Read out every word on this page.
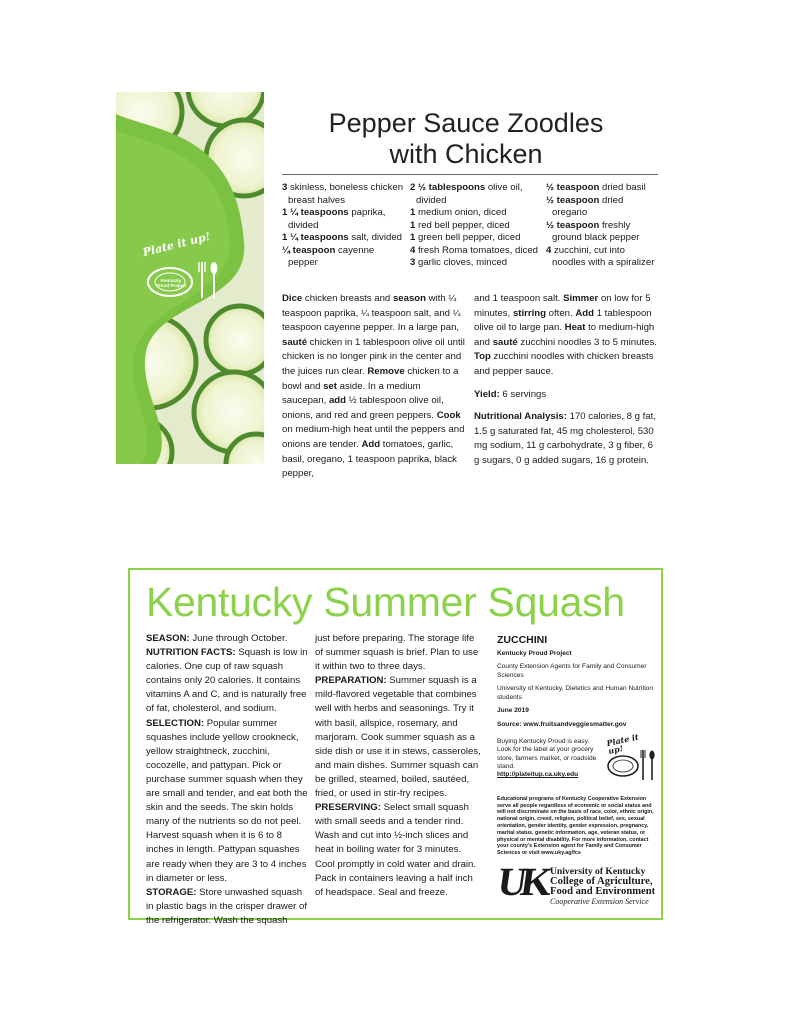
Plate it up!
Kentucky Proud Project
Pepper Sauce Zoodles
with Chicken
3 skinless, boneless chicken breast halves
1 ¼ teaspoons paprika, divided
1 ¼ teaspoons salt, divided
¼ teaspoon cayenne pepper
2 ½ tablespoons olive oil, divided
1 medium onion, diced
1 red bell pepper, diced
1 green bell pepper, diced
4 fresh Roma tomatoes, diced
3 garlic cloves, minced
½ teaspoon dried basil
½ teaspoon dried oregano
½ teaspoon freshly ground black pepper
4 zucchini, cut into noodles with a spiralizer

Dice chicken breasts and season with ¼ teaspoon paprika, ¼ teaspoon salt, and ¼ teaspoon cayenne pepper. In a large pan, sauté chicken in 1 tablespoon olive oil until chicken is no longer pink in the center and the juices run clear. Remove chicken to a bowl and set aside. In a medium saucepan, add ½ tablespoon olive oil, onions, and red and green peppers. Cook on medium-high heat until the peppers and onions are tender. Add tomatoes, garlic, basil, oregano, 1 teaspoon paprika, black pepper,

and 1 teaspoon salt. Simmer on low for 5 minutes, stirring often. Add 1 tablespoon olive oil to large pan. Heat to medium-high and sauté zucchini noodles 3 to 5 minutes. Top zucchini noodles with chicken breasts and pepper sauce.

Yield: 6 servings

Nutritional Analysis: 170 calories, 8 g fat, 1.5 g saturated fat, 45 mg cholesterol, 530 mg sodium, 11 g carbohydrate, 3 g fiber, 6 g sugars, 0 g added sugars, 16 g protein.

Kentucky Summer Squash
SEASON: June through October.
NUTRITION FACTS: Squash is low in calories. One cup of raw squash contains only 20 calories. It contains vitamins A and C, and is naturally free of fat, cholesterol, and sodium.
SELECTION: Popular summer squashes include yellow crookneck, yellow straightneck, zucchini, cocozelle, and pattypan. Pick or purchase summer squash when they are small and tender, and eat both the skin and the seeds. The skin holds many of the nutrients so do not peel. Harvest squash when it is 6 to 8 inches in length. Pattypan squashes are ready when they are 3 to 4 inches in diameter or less.
STORAGE: Store unwashed squash in plastic bags in the crisper drawer of the refrigerator. Wash the squash
just before preparing. The storage life of summer squash is brief. Plan to use it within two to three days.
PREPARATION: Summer squash is a mild-flavored vegetable that combines well with herbs and seasonings. Try it with basil, allspice, rosemary, and marjoram. Cook summer squash as a side dish or use it in stews, casseroles, and main dishes. Summer squash can be grilled, steamed, boiled, sautéed, fried, or used in stir-fry recipes.
PRESERVING: Select small squash with small seeds and a tender rind. Wash and cut into ½-inch slices and heat in boiling water for 3 minutes. Cool promptly in cold water and drain. Pack in containers leaving a half inch of headspace. Seal and freeze.
ZUCCHINI
Kentucky Proud Project
County Extension Agents for Family and Consumer Sciences
University of Kentucky, Dietetics and Human Nutrition students
June 2019
Source: www.fruitsandveggiesmatter.gov
Buying Kentucky Proud is easy. Look for the label at your grocery store, farmers market, or roadside stand.
http://plateitup.ca.uky.edu
Plate it up!
Educational programs of Kentucky Cooperative Extension serve all people regardless of economic or social status and will not discriminate on the basis of race, color, ethnic origin, national origin, creed, religion, political belief, sex, sexual orientation, gender identity, gender expression, pregnancy, marital status, genetic information, age, veteran status, or physical or mental disability. For more information, contact your county's Extension agent for Family and Consumer Sciences or visit www.uky.ag/fcs
UK University of Kentucky
College of Agriculture,
Food and Environment
Cooperative Extension Service
